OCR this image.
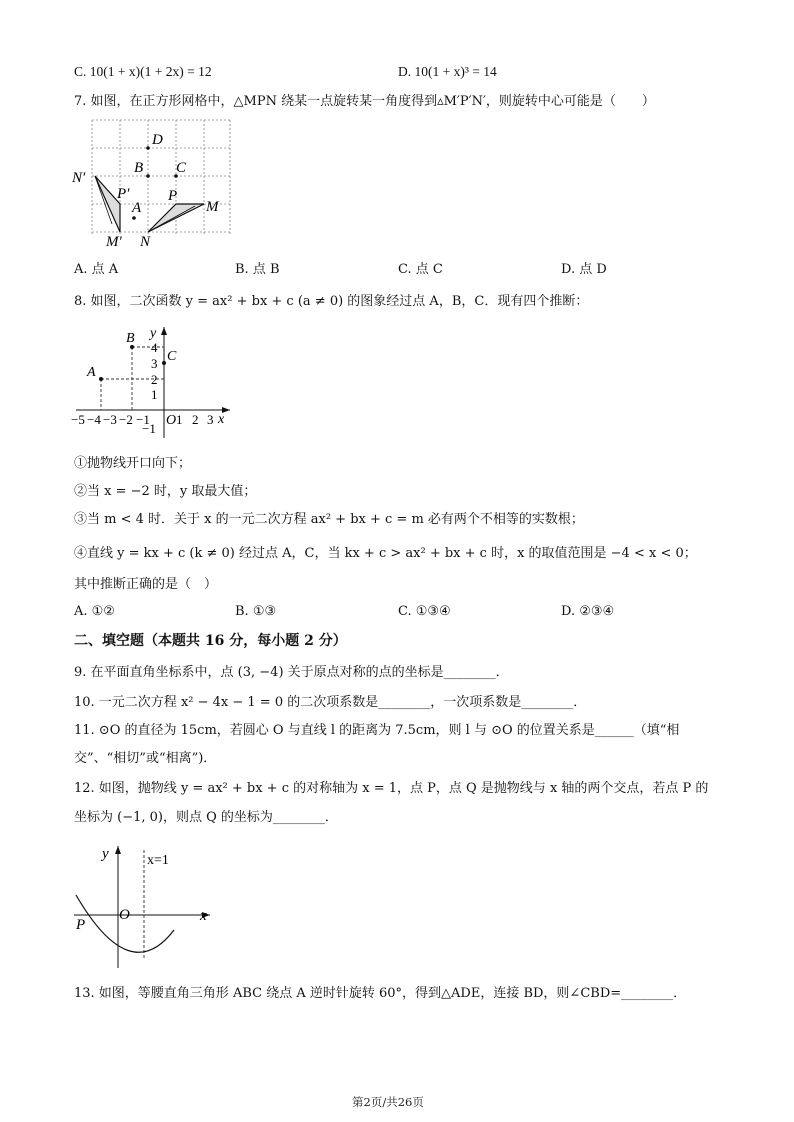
C. 10(1 + x)(1 + 2x) = 12	D. 10(1 + x)³ = 14
7. 如图，在正方形网格中，△MPN 绕某一点旋转某一角度得到▵M′P′N′，则旋转中心可能是（　　）
D
B C
N′
P′
A
P
M
M′ N
A. 点 A	B. 点 B	C. 点 C	D. 点 D
8. 如图，二次函数 y = ax² + bx + c (a ≠ 0) 的图象经过点 A，B，C．现有四个推断：
A
B
C
y
x
O
4
3
2
1
−1
−5 −4 −3 −2 −1 1 2 3
①抛物线开口向下；
②当 x = −2 时，y 取最大值；
③当 m < 4 时．关于 x 的一元二次方程 ax² + bx + c = m 必有两个不相等的实数根；
④直线 y = kx + c (k ≠ 0) 经过点 A，C，当 kx + c > ax² + bx + c 时，x 的取值范围是 −4 < x < 0；
其中推断正确的是（　）
A. ①②	B. ①③	C. ①③④	D. ②③④
二、填空题（本题共 16 分，每小题 2 分）
9. 在平面直角坐标系中，点 (3, −4) 关于原点对称的点的坐标是________．
10. 一元二次方程 x² − 4x − 1 = 0 的二次项系数是________，一次项系数是________．
11. ⊙O 的直径为 15cm，若圆心 O 与直线 l 的距离为 7.5cm，则 l 与 ⊙O 的位置关系是______（填“相
交”、“相切”或“相离”)．
12. 如图，抛物线 y = ax² + bx + c 的对称轴为 x = 1，点 P，点 Q 是抛物线与 x 轴的两个交点，若点 P 的
坐标为 (−1, 0)，则点 Q 的坐标为________．
y
x
O
x=1
P
13. 如图，等腰直角三角形 ABC 绕点 A 逆时针旋转 60°，得到△ADE，连接 BD，则∠CBD=________．
第2页/共26页
